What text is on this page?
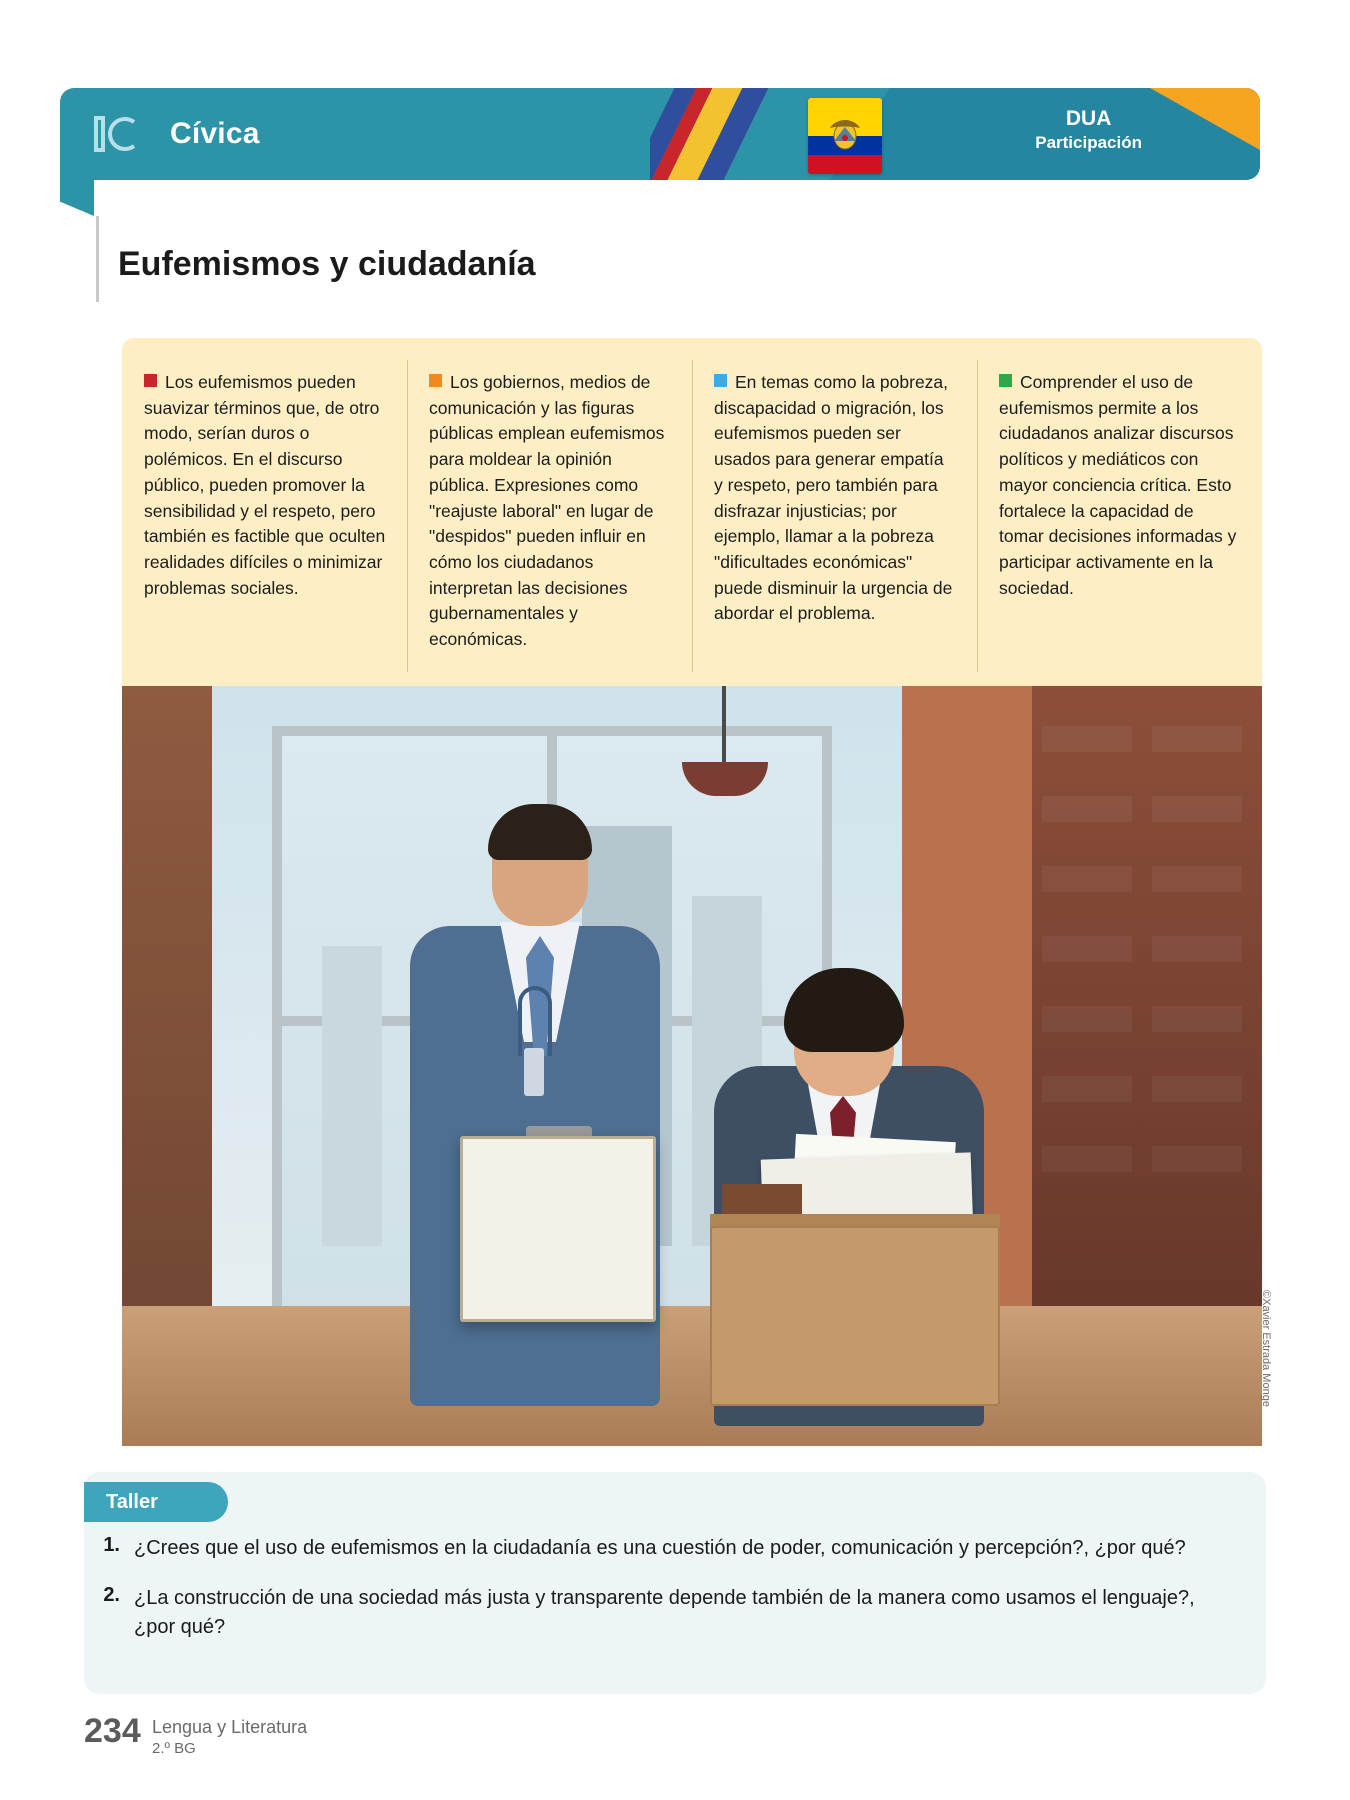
Cívica	DUA
Participación
Eufemismos y ciudadanía
Los eufemismos pueden suavizar términos que, de otro modo, serían duros o polémicos. En el discurso público, pueden promover la sensibilidad y el respeto, pero también es factible que oculten realidades difíciles o minimizar problemas sociales.
Los gobiernos, medios de comunicación y las figuras públicas emplean eufemismos para moldear la opinión pública. Expresiones como "reajuste laboral" en lugar de "despidos" pueden influir en cómo los ciudadanos interpretan las decisiones gubernamentales y económicas.
En temas como la pobreza, discapacidad o migración, los eufemismos pueden ser usados para generar empatía y respeto, pero también para disfrazar injusticias; por ejemplo, llamar a la pobreza "dificultades económicas" puede disminuir la urgencia de abordar el problema.
Comprender el uso de eufemismos permite a los ciudadanos analizar discursos políticos y mediáticos con mayor conciencia crítica. Esto fortalece la capacidad de tomar decisiones informadas y participar activamente en la sociedad.

©Xavier Estrada Monge
Taller
1. ¿Crees que el uso de eufemismos en la ciudadanía es una cuestión de poder, comunicación y percepción?, ¿por qué?
2. ¿La construcción de una sociedad más justa y transparente depende también de la manera como usamos el lenguaje?, ¿por qué?
234 Lengua y Literatura
2.º BG
